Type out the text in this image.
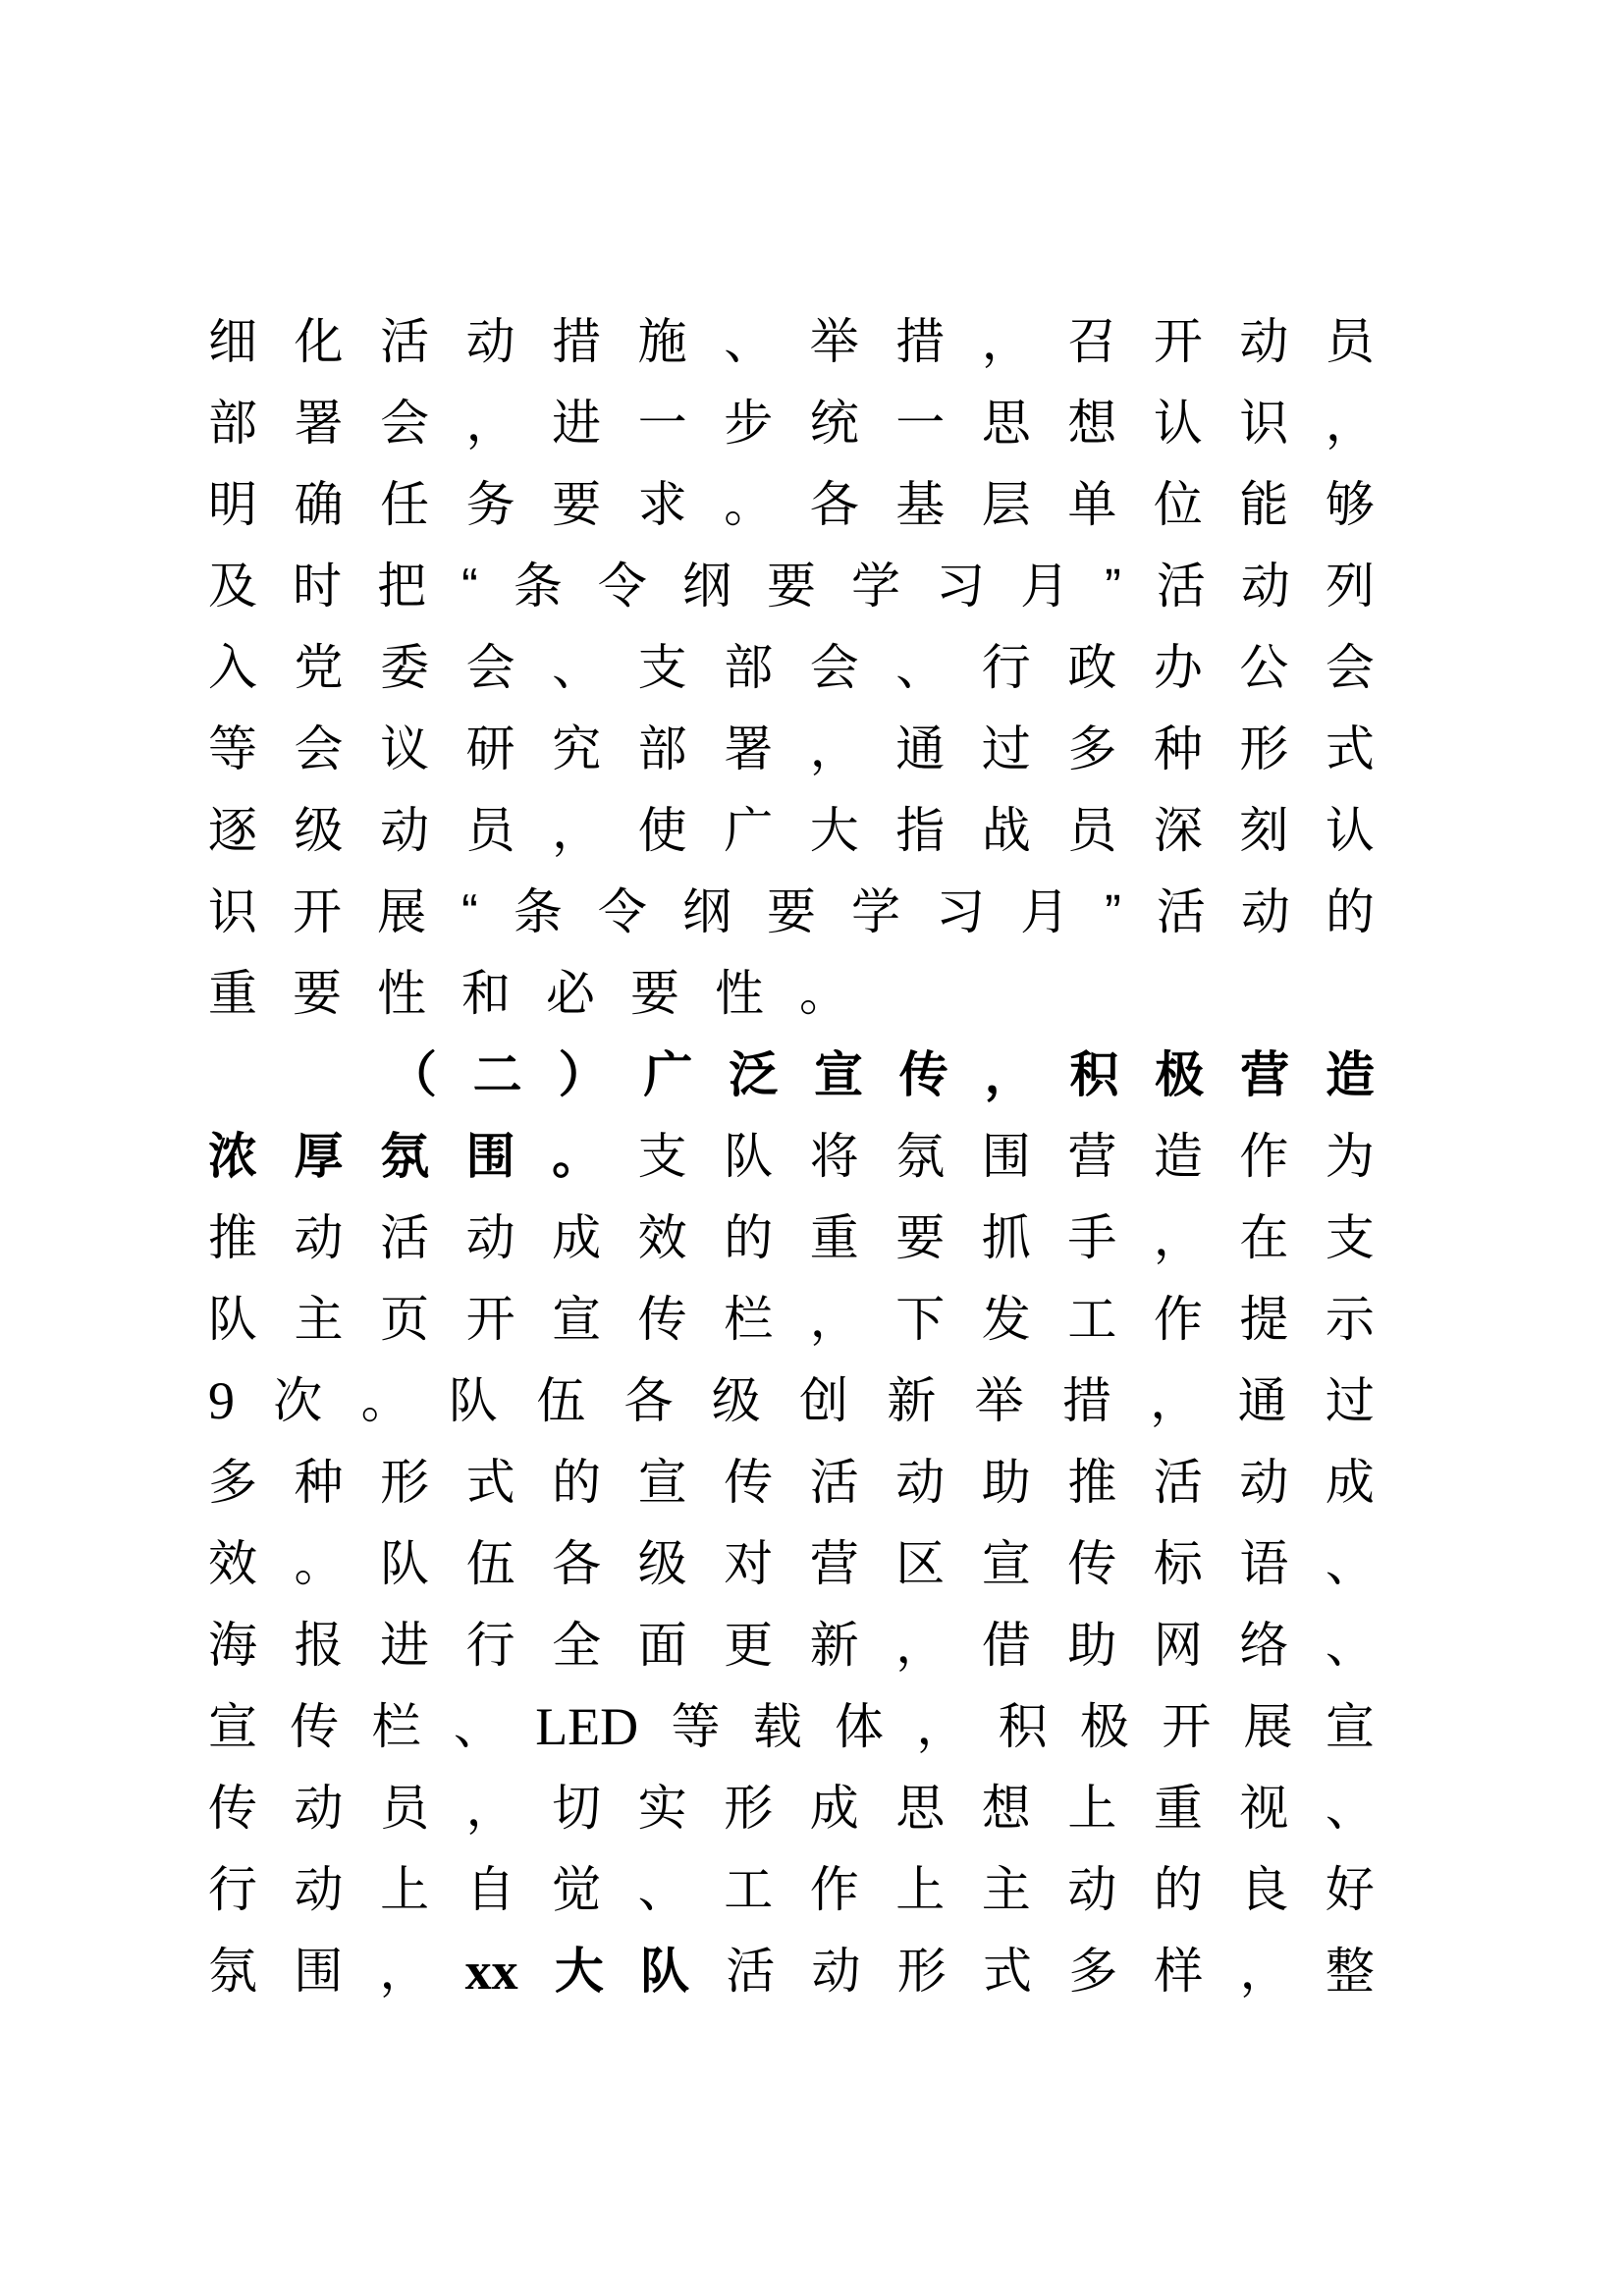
细 化 活 动 措 施 、 举 措 ， 召 开 动 员
部 署 会 ， 进 一 步 统 一 思 想 认 识 ，
明 确 任 务 要 求 。 各 基 层 单 位 能 够
及 时 把 “ 条 令 纲 要 学 习 月 ” 活 动 列
入 党 委 会 、 支 部 会 、 行 政 办 公 会
等 会 议 研 究 部 署 ， 通 过 多 种 形 式
逐 级 动 员 ， 使 广 大 指 战 员 深 刻 认
识 开 展 “ 条 令 纲 要 学 习 月 ” 活 动 的
重 要 性 和 必 要 性 。
（ 二 ） 广 泛 宣 传 ， 积 极 营 造
浓 厚 氛 围 。 支 队 将 氛 围 营 造 作 为
推 动 活 动 成 效 的 重 要 抓 手 ， 在 支
队 主 页 开 宣 传 栏 ， 下 发 工 作 提 示
9 次 。 队 伍 各 级 创 新 举 措 ， 通 过
多 种 形 式 的 宣 传 活 动 助 推 活 动 成
效 。 队 伍 各 级 对 营 区 宣 传 标 语 、
海 报 进 行 全 面 更 新 ， 借 助 网 络 、
宣 传 栏 、 LED 等 载 体 ， 积 极 开 展 宣
传 动 员 ， 切 实 形 成 思 想 上 重 视 、
行 动 上 自 觉 、 工 作 上 主 动 的 良 好
氛 围 ， xx 大 队 活 动 形 式 多 样 ， 整
